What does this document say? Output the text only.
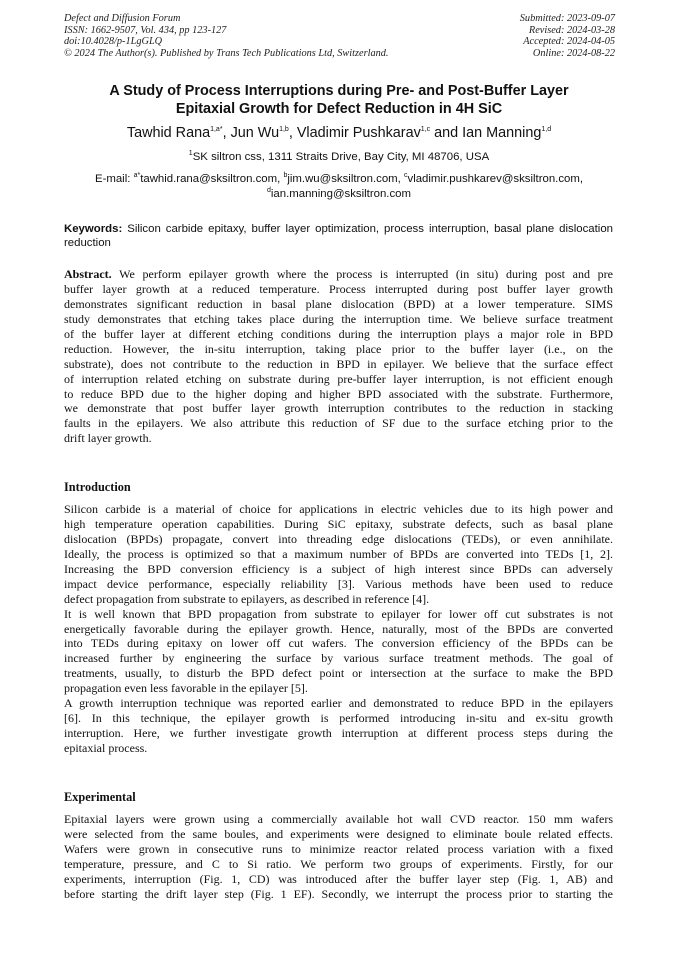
Defect and Diffusion Forum
ISSN: 1662-9507, Vol. 434, pp 123-127
doi:10.4028/p-1LgGLQ
© 2024 The Author(s). Published by Trans Tech Publications Ltd, Switzerland.
Submitted: 2023-09-07
Revised: 2024-03-28
Accepted: 2024-04-05
Online: 2024-08-22
A Study of Process Interruptions during Pre- and Post-Buffer Layer
Epitaxial Growth for Defect Reduction in 4H SiC
Tawhid Rana$^{1,a*}$, Jun Wu$^{1,b}$, Vladimir Pushkarav$^{1,c}$ and Ian Manning$^{1,d}$
$^1$SK siltron css, 1311 Straits Drive, Bay City, MI 48706, USA
E-mail: $^{a*}$tawhid.rana@sksiltron.com, $^b$jim.wu@sksiltron.com, $^c$vladimir.pushkarev@sksiltron.com,
$^d$ian.manning@sksiltron.com
Keywords: Silicon carbide epitaxy, buffer layer optimization, process interruption, basal plane dislocation reduction
Abstract. We perform epilayer growth where the process is interrupted (in situ) during post and pre
buffer layer growth at a reduced temperature. Process interrupted during post buffer layer growth
demonstrates significant reduction in basal plane dislocation (BPD) at a lower temperature. SIMS
study demonstrates that etching takes place during the interruption time. We believe surface treatment
of the buffer layer at different etching conditions during the interruption plays a major role in BPD
reduction. However, the in-situ interruption, taking place prior to the buffer layer (i.e., on the
substrate), does not contribute to the reduction in BPD in epilayer. We believe that the surface effect
of interruption related etching on substrate during pre-buffer layer interruption, is not efficient enough
to reduce BPD due to the higher doping and higher BPD associated with the substrate. Furthermore,
we demonstrate that post buffer layer growth interruption contributes to the reduction in stacking
faults in the epilayers. We also attribute this reduction of SF due to the surface etching prior to the
drift layer growth.
Introduction
Silicon carbide is a material of choice for applications in electric vehicles due to its high power and
high temperature operation capabilities. During SiC epitaxy, substrate defects, such as basal plane
dislocation (BPDs) propagate, convert into threading edge dislocations (TEDs), or even annihilate.
Ideally, the process is optimized so that a maximum number of BPDs are converted into TEDs [1, 2].
Increasing the BPD conversion efficiency is a subject of high interest since BPDs can adversely
impact device performance, especially reliability [3]. Various methods have been used to reduce
defect propagation from substrate to epilayers, as described in reference [4].
It is well known that BPD propagation from substrate to epilayer for lower off cut substrates is not
energetically favorable during the epilayer growth. Hence, naturally, most of the BPDs are converted
into TEDs during epitaxy on lower off cut wafers. The conversion efficiency of the BPDs can be
increased further by engineering the surface by various surface treatment methods. The goal of
treatments, usually, to disturb the BPD defect point or intersection at the surface to make the BPD
propagation even less favorable in the epilayer [5].
A growth interruption technique was reported earlier and demonstrated to reduce BPD in the epilayers
[6]. In this technique, the epilayer growth is performed introducing in-situ and ex-situ growth
interruption. Here, we further investigate growth interruption at different process steps during the
epitaxial process.
Experimental
Epitaxial layers were grown using a commercially available hot wall CVD reactor. 150 mm wafers
were selected from the same boules, and experiments were designed to eliminate boule related effects.
Wafers were grown in consecutive runs to minimize reactor related process variation with a fixed
temperature, pressure, and C to Si ratio. We perform two groups of experiments. Firstly, for our
experiments, interruption (Fig. 1, CD) was introduced after the buffer layer step (Fig. 1, AB) and
before starting the drift layer step (Fig. 1 EF). Secondly, we interrupt the process prior to starting the
